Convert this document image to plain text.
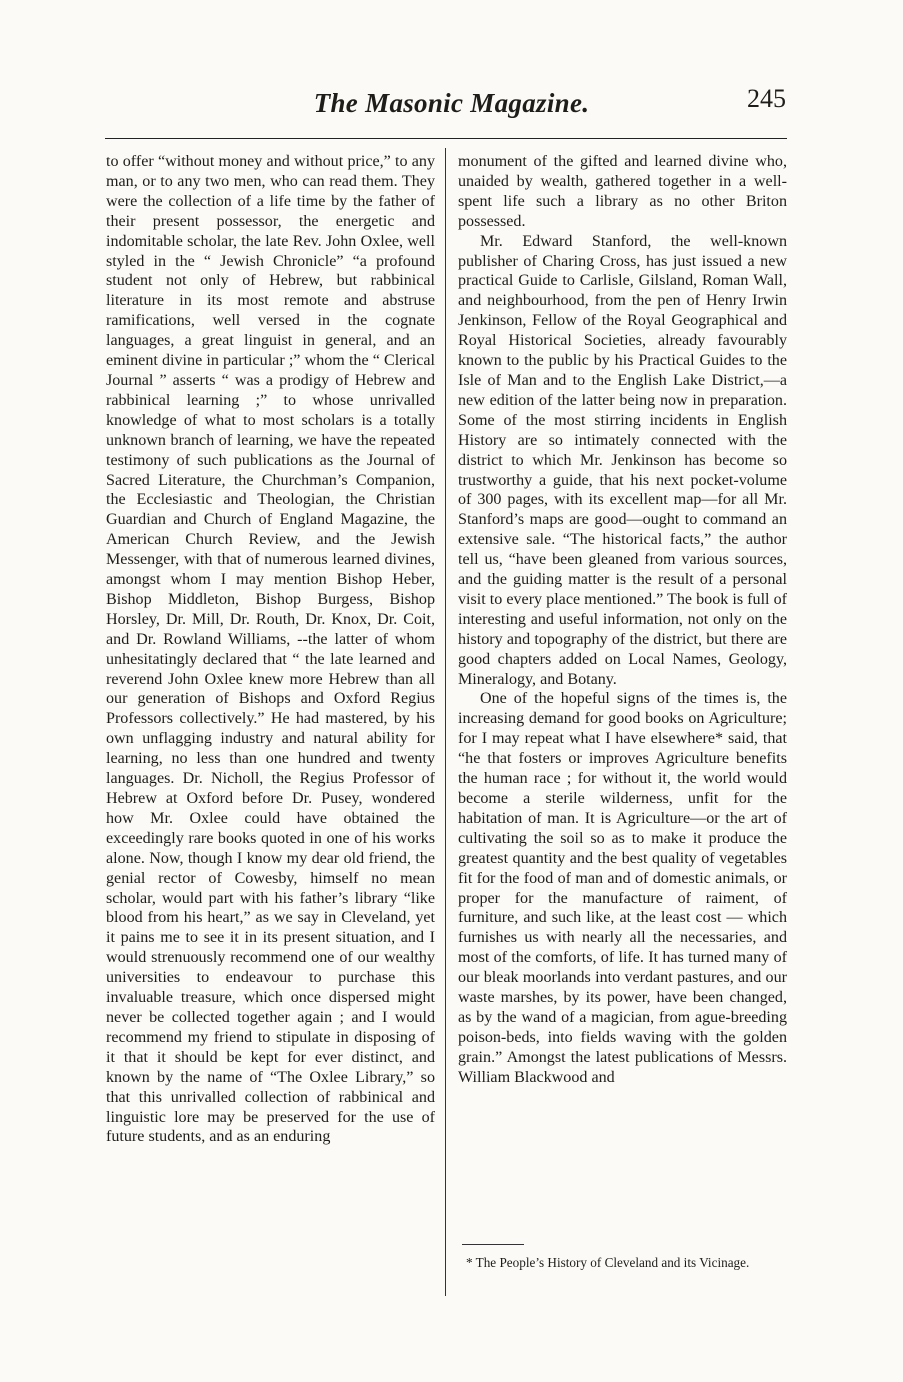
The Masonic Magazine.	245

to offer “without money and without price,” to any man, or to any two men, who can read them. They were the collection of a life time by the father of their present possessor, the energetic and indomitable scholar, the late Rev. John Oxlee, well styled in the “ Jewish Chronicle” “a profound student not only of Hebrew, but rabbinical literature in its most remote and abstruse ramifications, well versed in the cognate languages, a great linguist in general, and an eminent divine in particular ;” whom the “ Clerical Journal ” asserts “ was a prodigy of Hebrew and rabbinical learning ;” to whose unrivalled knowledge of what to most scholars is a totally unknown branch of learning, we have the repeated testimony of such publications as the Journal of Sacred Literature, the Churchman’s Companion, the Ecclesiastic and Theologian, the Christian Guardian and Church of England Magazine, the American Church Review, and the Jewish Messenger, with that of numerous learned divines, amongst whom I may mention Bishop Heber, Bishop Middleton, Bishop Burgess, Bishop Horsley, Dr. Mill, Dr. Routh, Dr. Knox, Dr. Coit, and Dr. Rowland Williams, --the latter of whom unhesitatingly declared that “ the late learned and reverend John Oxlee knew more Hebrew than all our generation of Bishops and Oxford Regius Professors collectively.” He had mastered, by his own unflagging industry and natural ability for learning, no less than one hundred and twenty languages. Dr. Nicholl, the Regius Professor of Hebrew at Oxford before Dr. Pusey, wondered how Mr. Oxlee could have obtained the exceedingly rare books quoted in one of his works alone. Now, though I know my dear old friend, the genial rector of Cowesby, himself no mean scholar, would part with his father’s library “like blood from his heart,” as we say in Cleveland, yet it pains me to see it in its present situation, and I would strenuously recommend one of our wealthy universities to endeavour to purchase this invaluable treasure, which once dispersed might never be collected together again ; and I would recommend my friend to stipulate in disposing of it that it should be kept for ever distinct, and known by the name of “The Oxlee Library,” so that this unrivalled collection of rabbinical and linguistic lore may be preserved for the use of future students, and as an enduring

monument of the gifted and learned divine who, unaided by wealth, gathered together in a well-spent life such a library as no other Briton possessed.

Mr. Edward Stanford, the well-known publisher of Charing Cross, has just issued a new practical Guide to Carlisle, Gilsland, Roman Wall, and neighbourhood, from the pen of Henry Irwin Jenkinson, Fellow of the Royal Geographical and Royal Historical Societies, already favourably known to the public by his Practical Guides to the Isle of Man and to the English Lake District,—a new edition of the latter being now in preparation. Some of the most stirring incidents in English History are so intimately connected with the district to which Mr. Jenkinson has become so trustworthy a guide, that his next pocket-volume of 300 pages, with its excellent map—for all Mr. Stanford’s maps are good—ought to command an extensive sale. “The historical facts,” the author tell us, “have been gleaned from various sources, and the guiding matter is the result of a personal visit to every place mentioned.” The book is full of interesting and useful information, not only on the history and topography of the district, but there are good chapters added on Local Names, Geology, Mineralogy, and Botany.

One of the hopeful signs of the times is, the increasing demand for good books on Agriculture; for I may repeat what I have elsewhere* said, that “he that fosters or improves Agriculture benefits the human race ; for without it, the world would become a sterile wilderness, unfit for the habitation of man. It is Agriculture—or the art of cultivating the soil so as to make it produce the greatest quantity and the best quality of vegetables fit for the food of man and of domestic animals, or proper for the manufacture of raiment, of furniture, and such like, at the least cost — which furnishes us with nearly all the necessaries, and most of the comforts, of life. It has turned many of our bleak moorlands into verdant pastures, and our waste marshes, by its power, have been changed, as by the wand of a magician, from ague-breeding poison-beds, into fields waving with the golden grain.” Amongst the latest publications of Messrs. William Blackwood and

* The People’s History of Cleveland and its Vicinage.
